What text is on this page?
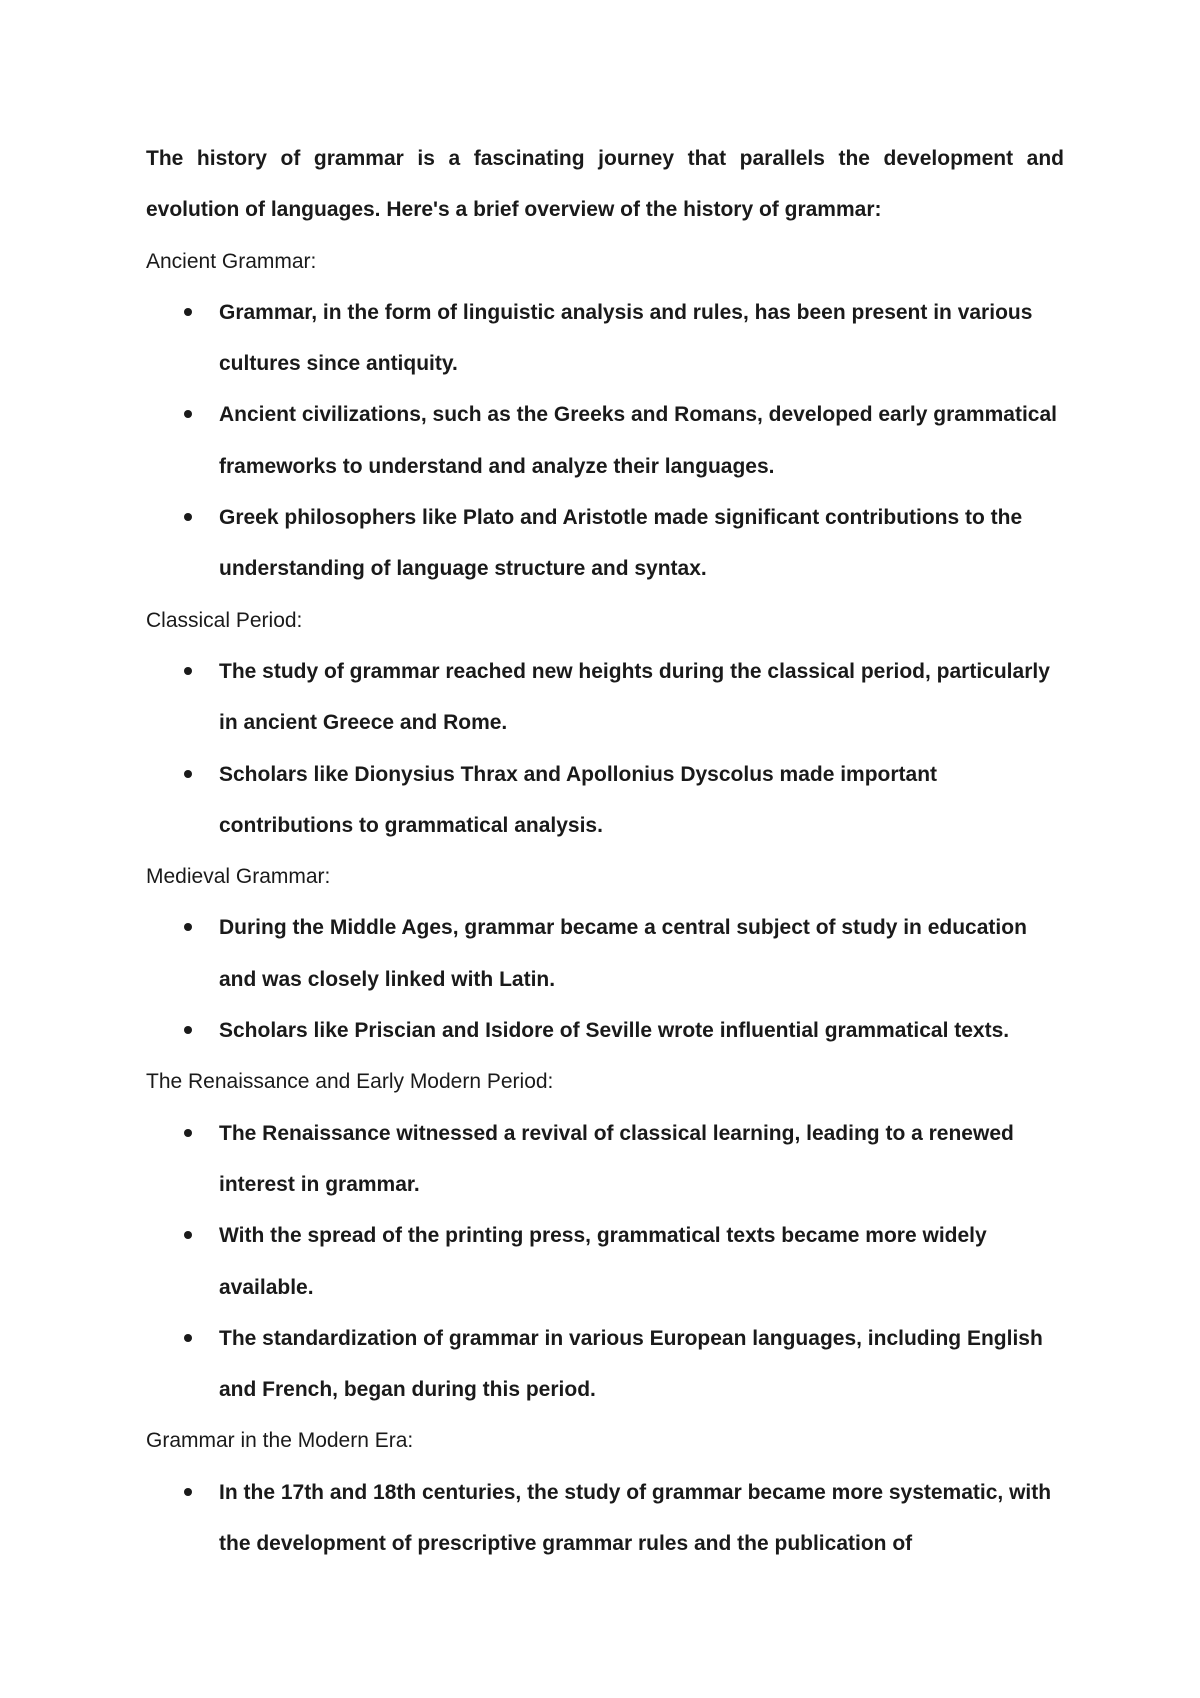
The history of grammar is a fascinating journey that parallels the development and evolution of languages. Here's a brief overview of the history of grammar:

Ancient Grammar:

Grammar, in the form of linguistic analysis and rules, has been present in various cultures since antiquity.
Ancient civilizations, such as the Greeks and Romans, developed early grammatical frameworks to understand and analyze their languages.
Greek philosophers like Plato and Aristotle made significant contributions to the understanding of language structure and syntax.

Classical Period:

The study of grammar reached new heights during the classical period, particularly in ancient Greece and Rome.
Scholars like Dionysius Thrax and Apollonius Dyscolus made important contributions to grammatical analysis.

Medieval Grammar:

During the Middle Ages, grammar became a central subject of study in education and was closely linked with Latin.
Scholars like Priscian and Isidore of Seville wrote influential grammatical texts.

The Renaissance and Early Modern Period:

The Renaissance witnessed a revival of classical learning, leading to a renewed interest in grammar.
With the spread of the printing press, grammatical texts became more widely available.
The standardization of grammar in various European languages, including English and French, began during this period.

Grammar in the Modern Era:

In the 17th and 18th centuries, the study of grammar became more systematic, with the development of prescriptive grammar rules and the publication of
